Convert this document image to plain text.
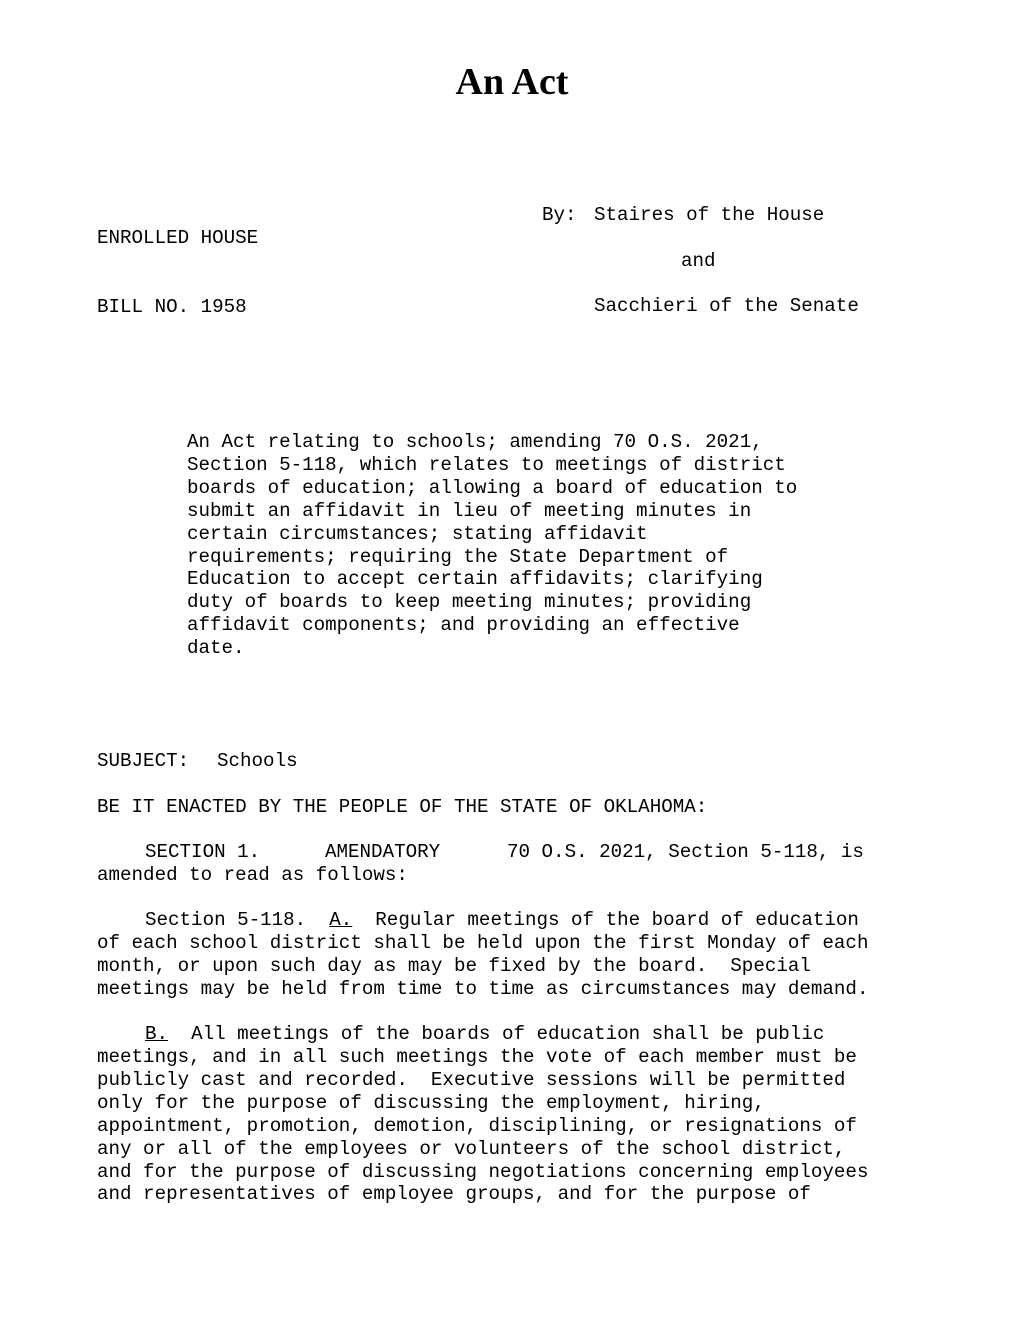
An Act

ENROLLED HOUSE

BILL NO. 1958

By: Staires of the House
and
Sacchieri of the Senate
An Act relating to schools; amending 70 O.S. 2021,
Section 5-118, which relates to meetings of district
boards of education; allowing a board of education to
submit an affidavit in lieu of meeting minutes in
certain circumstances; stating affidavit
requirements; requiring the State Department of
Education to accept certain affidavits; clarifying
duty of boards to keep meeting minutes; providing
affidavit components; and providing an effective
date.
SUBJECT: Schools
BE IT ENACTED BY THE PEOPLE OF THE STATE OF OKLAHOMA:
SECTION 1.	AMENDATORY	70 O.S. 2021, Section 5-118, is
amended to read as follows:
Section 5-118. A. Regular meetings of the board of education
of each school district shall be held upon the first Monday of each
month, or upon such day as may be fixed by the board.  Special
meetings may be held from time to time as circumstances may demand.
B. All meetings of the boards of education shall be public
meetings, and in all such meetings the vote of each member must be
publicly cast and recorded.  Executive sessions will be permitted
only for the purpose of discussing the employment, hiring,
appointment, promotion, demotion, disciplining, or resignations of
any or all of the employees or volunteers of the school district,
and for the purpose of discussing negotiations concerning employees
and representatives of employee groups, and for the purpose of
